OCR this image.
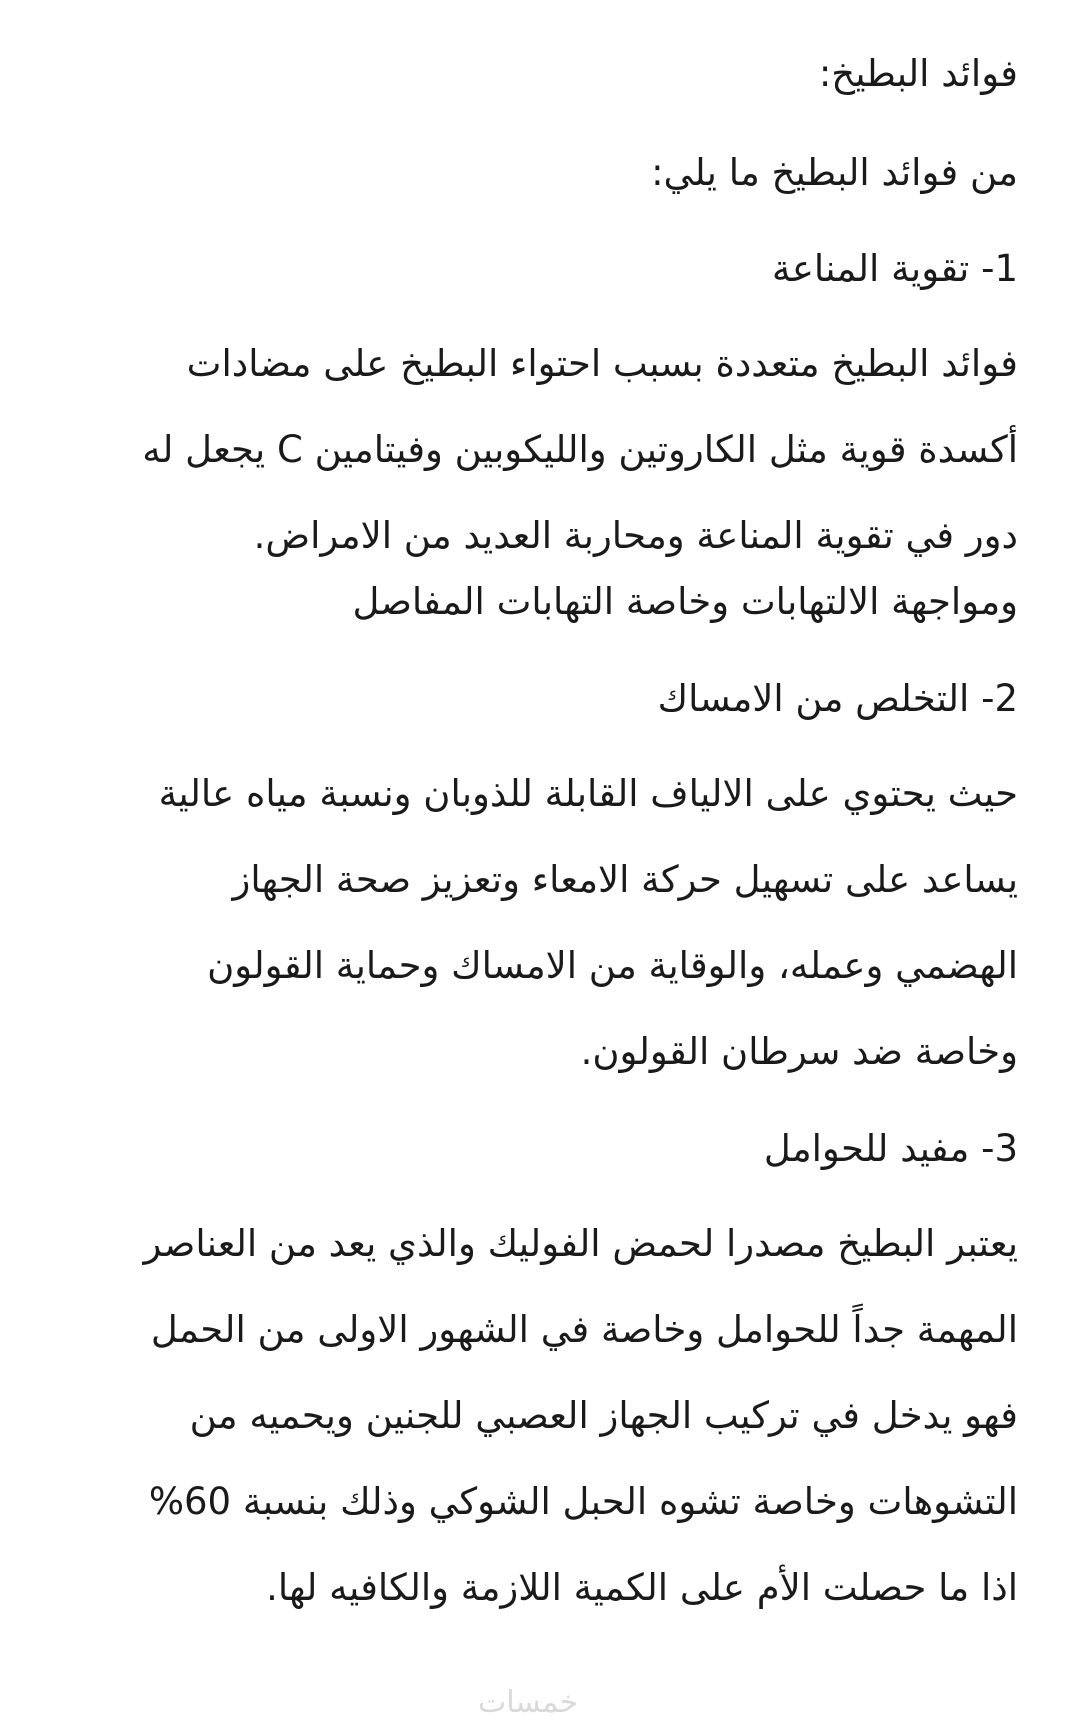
فوائد البطيخ:

من فوائد البطيخ ما يلي:

1- تقوية المناعة

فوائد البطيخ متعددة بسبب احتواء البطيخ على مضادات

أكسدة قوية مثل الكاروتين والليكوبين وفيتامين C يجعل له

دور في تقوية المناعة ومحاربة العديد من الامراض.

ومواجهة الالتهابات وخاصة التهابات المفاصل

2- التخلص من الامساك

حيث يحتوي على الالياف القابلة للذوبان ونسبة مياه عالية

يساعد على تسهيل حركة الامعاء وتعزيز صحة الجهاز

الهضمي وعمله، والوقاية من الامساك وحماية القولون

وخاصة ضد سرطان القولون.

3- مفيد للحوامل

يعتبر البطيخ مصدرا لحمض الفوليك والذي يعد من العناصر

المهمة جداً للحوامل وخاصة في الشهور الاولى من الحمل

فهو يدخل في تركيب الجهاز العصبي للجنين ويحميه من

التشوهات وخاصة تشوه الحبل الشوكي وذلك بنسبة 60%

اذا ما حصلت الأم على الكمية اللازمة والكافيه لها.

خمسات
